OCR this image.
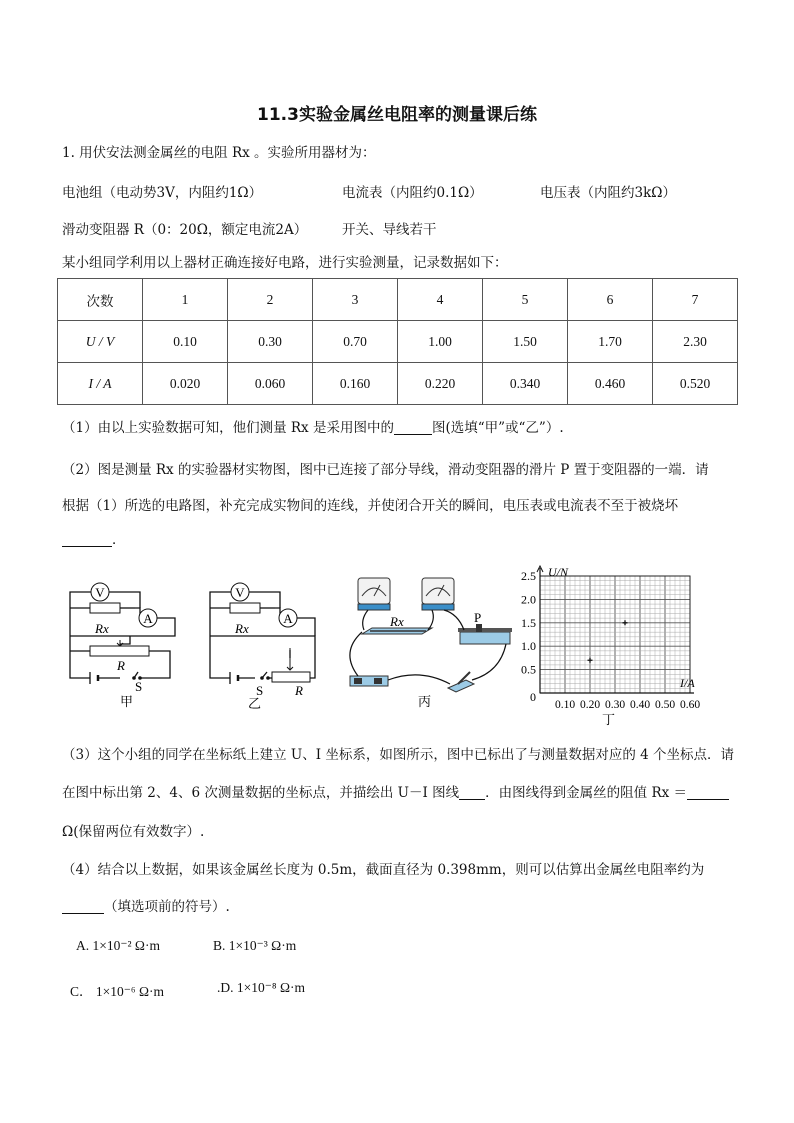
11.3实验金属丝电阻率的测量课后练
1. 用伏安法测金属丝的电阻 Rx 。实验所用器材为：
电池组（电动势3V，内阻约1Ω）	电流表（内阻约0.1Ω）	电压表（内阻约3kΩ）
滑动变阻器 R（0：20Ω，额定电流2A）	开关、导线若干
某小组同学利用以上器材正确连接好电路，进行实验测量，记录数据如下：
次数	1	2	3	4	5	6	7
U / V	0.10	0.30	0.70	1.00	1.50	1.70	2.30
I / A	0.020	0.060	0.160	0.220	0.340	0.460	0.520
（1）由以上实验数据可知，他们测量 Rx 是采用图中的	图(选填“甲”或“乙”）.
（2）图是测量 Rx 的实验器材实物图，图中已连接了部分导线，滑动变阻器的滑片 P 置于变阻器的一端．请
根据（1）所选的电路图，补充完成实物间的连线，并使闭合开关的瞬间，电压表或电流表不至于被烧坏
．
V
A
Rx
R
S
甲
V
A
Rx
R
S
乙
Rx	P
丙
2.5
2.0
1.5
1.0
0.5
0
0.10 0.20 0.30 0.40 0.50 0.60
U/N
I/A
丁
（3）这个小组的同学在坐标纸上建立 U、I 坐标系，如图所示，图中已标出了与测量数据对应的 4 个坐标点．请
在图中标出第 2、4、6 次测量数据的坐标点，并描绘出 U－I 图线 ．由图线得到金属丝的阻值 Rx ＝
Ω(保留两位有效数字）.
（4）结合以上数据，如果该金属丝长度为 0.5m，截面直径为 0.398mm，则可以估算出金属丝电阻率约为
（填选项前的符号）.
A. 1×10⁻² Ω·m	B. 1×10⁻³ Ω·m
C． 1×10⁻⁶ Ω·m	.D. 1×10⁻⁸ Ω·m
